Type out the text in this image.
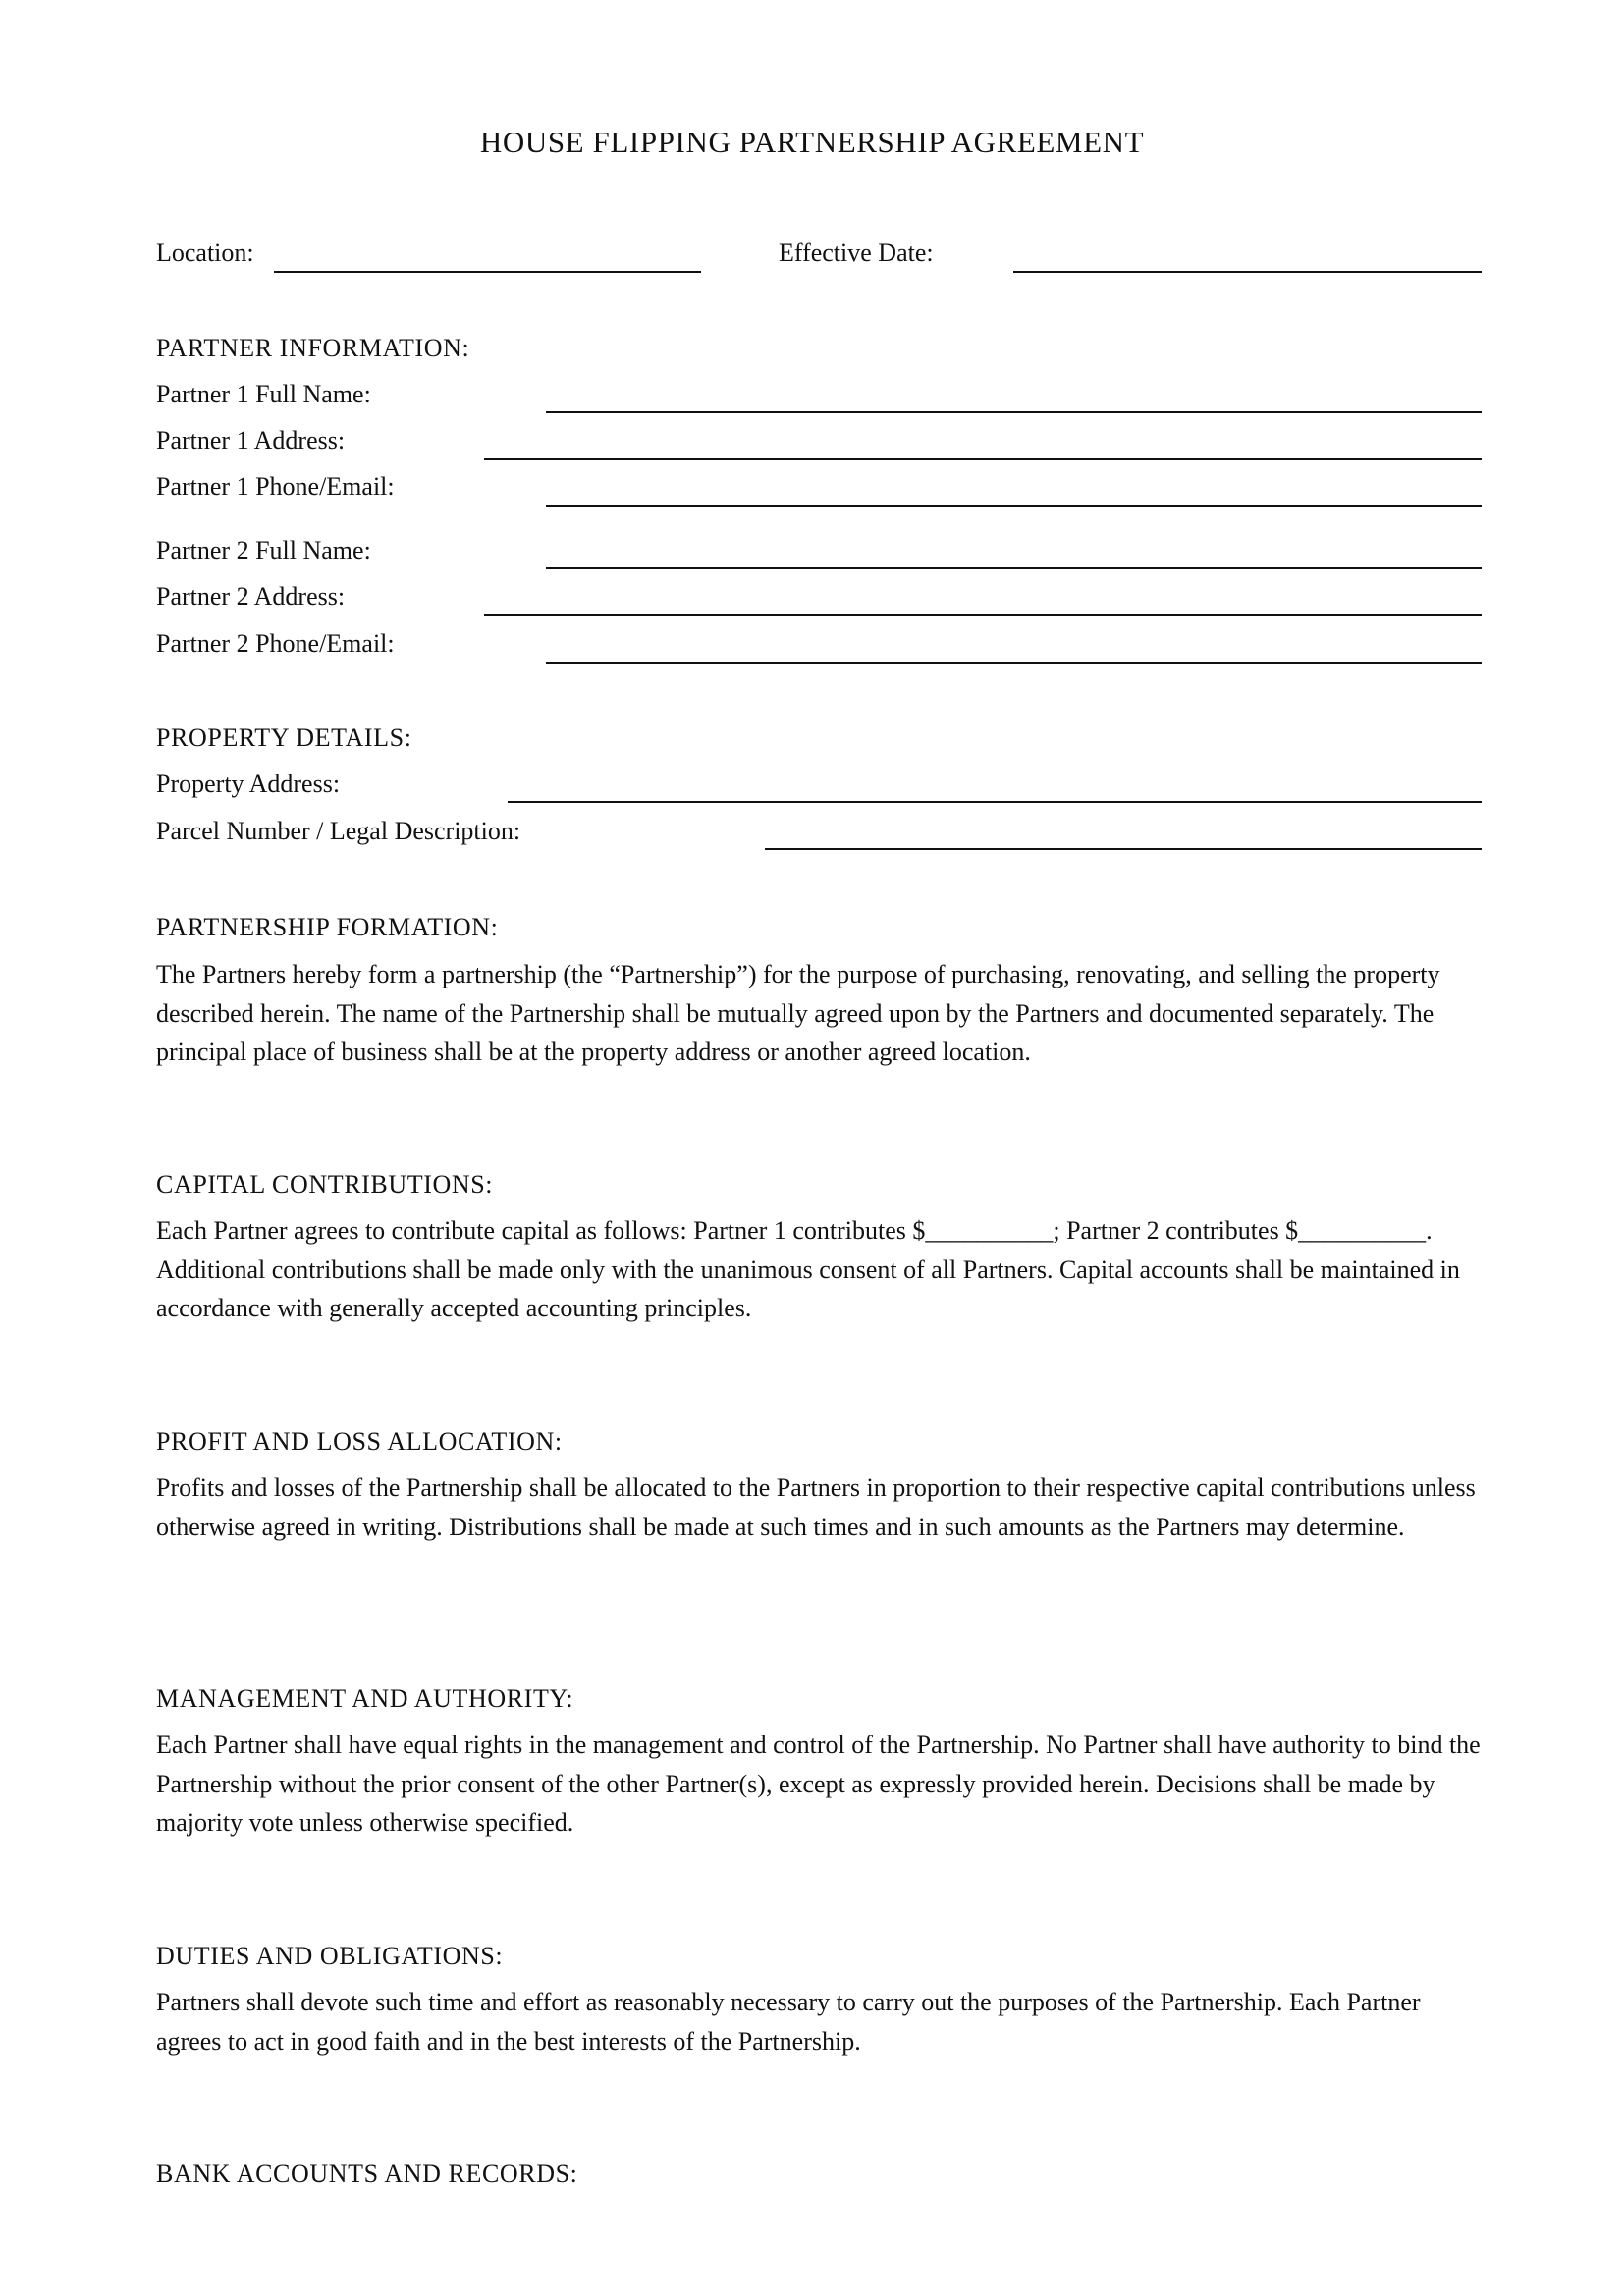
HOUSE FLIPPING PARTNERSHIP AGREEMENT
Location:	Effective Date:
PARTNER INFORMATION:
Partner 1 Full Name:
Partner 1 Address:
Partner 1 Phone/Email:
Partner 2 Full Name:
Partner 2 Address:
Partner 2 Phone/Email:
PROPERTY DETAILS:
Property Address:
Parcel Number / Legal Description:
PARTNERSHIP FORMATION:
The Partners hereby form a partnership (the “Partnership”) for the purpose of purchasing, renovating, and selling the property described herein. The name of the Partnership shall be mutually agreed upon by the Partners and documented separately. The principal place of business shall be at the property address or another agreed location.
CAPITAL CONTRIBUTIONS:
Each Partner agrees to contribute capital as follows: Partner 1 contributes $__________; Partner 2 contributes $__________. Additional contributions shall be made only with the unanimous consent of all Partners. Capital accounts shall be maintained in accordance with generally accepted accounting principles.
PROFIT AND LOSS ALLOCATION:
Profits and losses of the Partnership shall be allocated to the Partners in proportion to their respective capital contributions unless otherwise agreed in writing. Distributions shall be made at such times and in such amounts as the Partners may determine.
MANAGEMENT AND AUTHORITY:
Each Partner shall have equal rights in the management and control of the Partnership. No Partner shall have authority to bind the Partnership without the prior consent of the other Partner(s), except as expressly provided herein. Decisions shall be made by majority vote unless otherwise specified.
DUTIES AND OBLIGATIONS:
Partners shall devote such time and effort as reasonably necessary to carry out the purposes of the Partnership. Each Partner agrees to act in good faith and in the best interests of the Partnership.
BANK ACCOUNTS AND RECORDS:
